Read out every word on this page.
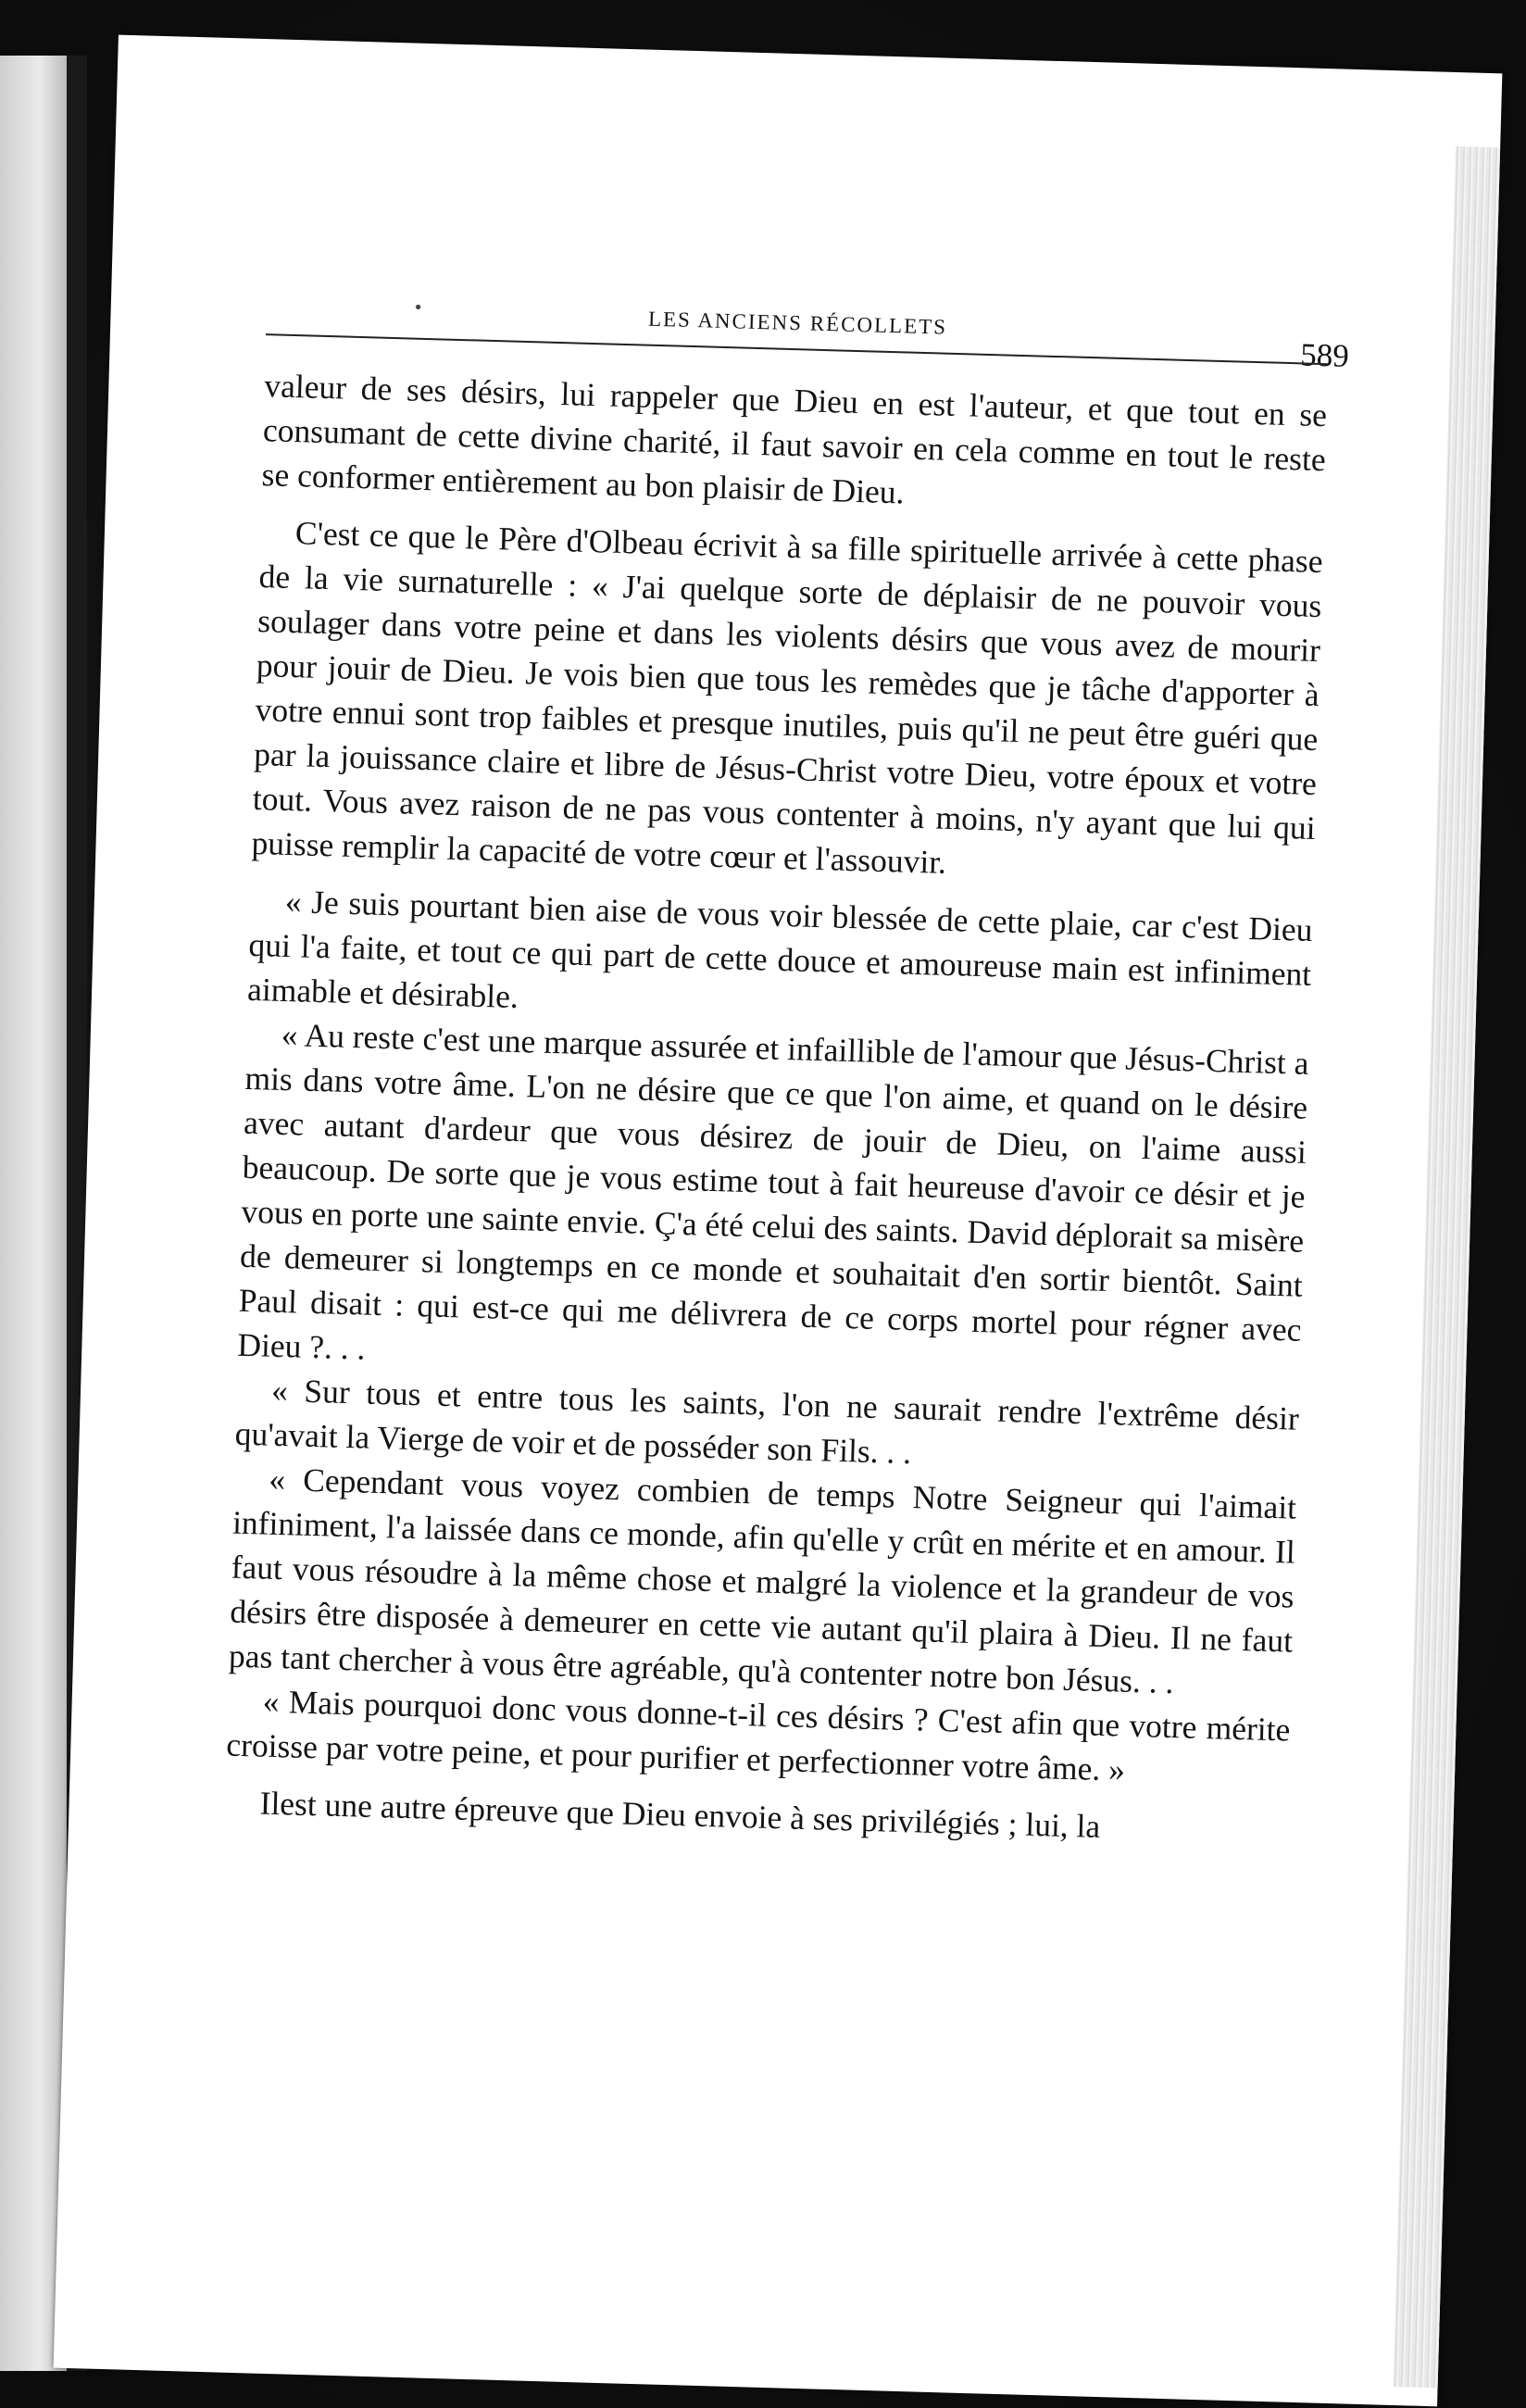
•
LES ANCIENS RÉCOLLETS
589

valeur de ses désirs, lui rappeler que Dieu en est l'auteur, et que tout en se consumant de cette divine charité, il faut savoir en cela comme en tout le reste se conformer entièrement au bon plaisir de Dieu.

C'est ce que le Père d'Olbeau écrivit à sa fille spirituelle arrivée à cette phase de la vie surnaturelle : « J'ai quelque sorte de déplaisir de ne pouvoir vous soulager dans votre peine et dans les violents désirs que vous avez de mourir pour jouir de Dieu. Je vois bien que tous les remèdes que je tâche d'apporter à votre ennui sont trop faibles et presque inutiles, puis qu'il ne peut être guéri que par la jouissance claire et libre de Jésus-Christ votre Dieu, votre époux et votre tout. Vous avez raison de ne pas vous contenter à moins, n'y ayant que lui qui puisse remplir la capacité de votre cœur et l'assouvir.

« Je suis pourtant bien aise de vous voir blessée de cette plaie, car c'est Dieu qui l'a faite, et tout ce qui part de cette douce et amoureuse main est infiniment aimable et désirable.

« Au reste c'est une marque assurée et infaillible de l'amour que Jésus-Christ a mis dans votre âme. L'on ne désire que ce que l'on aime, et quand on le désire avec autant d'ardeur que vous désirez de jouir de Dieu, on l'aime aussi beaucoup. De sorte que je vous estime tout à fait heureuse d'avoir ce désir et je vous en porte une sainte envie. Ç'a été celui des saints. David déplorait sa misère de demeurer si longtemps en ce monde et souhaitait d'en sortir bientôt. Saint Paul disait : qui est-ce qui me délivrera de ce corps mortel pour régner avec Dieu ?. . .

« Sur tous et entre tous les saints, l'on ne saurait rendre l'extrême désir qu'avait la Vierge de voir et de posséder son Fils. . .

« Cependant vous voyez combien de temps Notre Seigneur qui l'aimait infiniment, l'a laissée dans ce monde, afin qu'elle y crût en mérite et en amour. Il faut vous résoudre à la même chose et malgré la violence et la grandeur de vos désirs être disposée à demeurer en cette vie autant qu'il plaira à Dieu. Il ne faut pas tant chercher à vous être agréable, qu'à contenter notre bon Jésus. . .

« Mais pourquoi donc vous donne-t-il ces désirs ? C'est afin que votre mérite croisse par votre peine, et pour purifier et perfectionner votre âme. »

Ilest une autre épreuve que Dieu envoie à ses privilégiés ; lui, la
